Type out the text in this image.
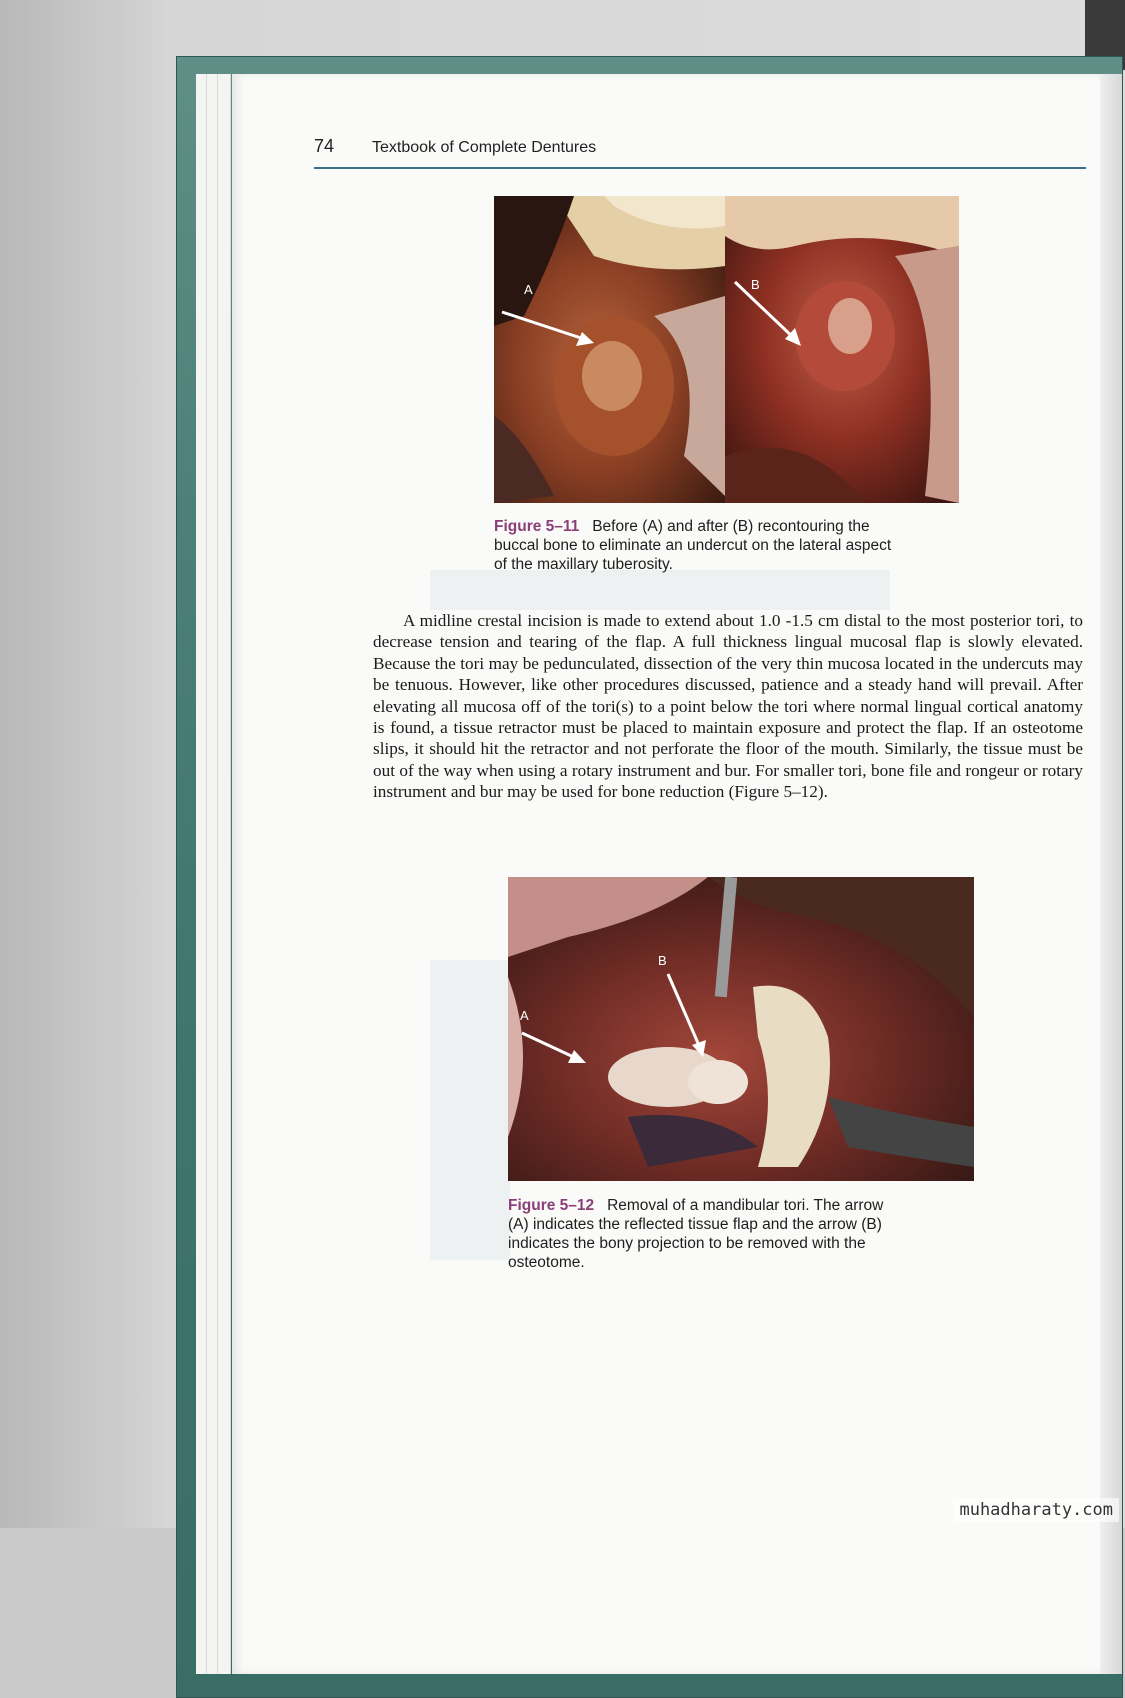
74 Textbook of Complete Dentures
A	B
Figure 5–11 Before (A) and after (B) recontouring the
buccal bone to eliminate an undercut on the lateral aspect
of the maxillary tuberosity.

A midline crestal incision is made to extend about 1.0 -1.5 cm distal to the most posterior tori, to decrease tension and tearing of the flap. A full thickness lingual mucosal flap is slowly elevated. Because the tori may be pedunculated, dissection of the very thin mucosa located in the undercuts may be tenuous. However, like other procedures discussed, patience and a steady hand will prevail. After elevating all mucosa off of the tori(s) to a point below the tori where normal lingual cortical anatomy is found, a tissue retractor must be placed to maintain exposure and protect the flap. If an osteotome slips, it should hit the retractor and not perforate the floor of the mouth. Similarly, the tissue must be out of the way when using a rotary instrument and bur. For smaller tori, bone file and rongeur or rotary instrument and bur may be used for bone reduction (Figure 5–12).

A
B
Figure 5–12 Removal of a mandibular tori. The arrow
(A) indicates the reflected tissue flap and the arrow (B)
indicates the bony projection to be removed with the
osteotome.
muhadharaty.com
